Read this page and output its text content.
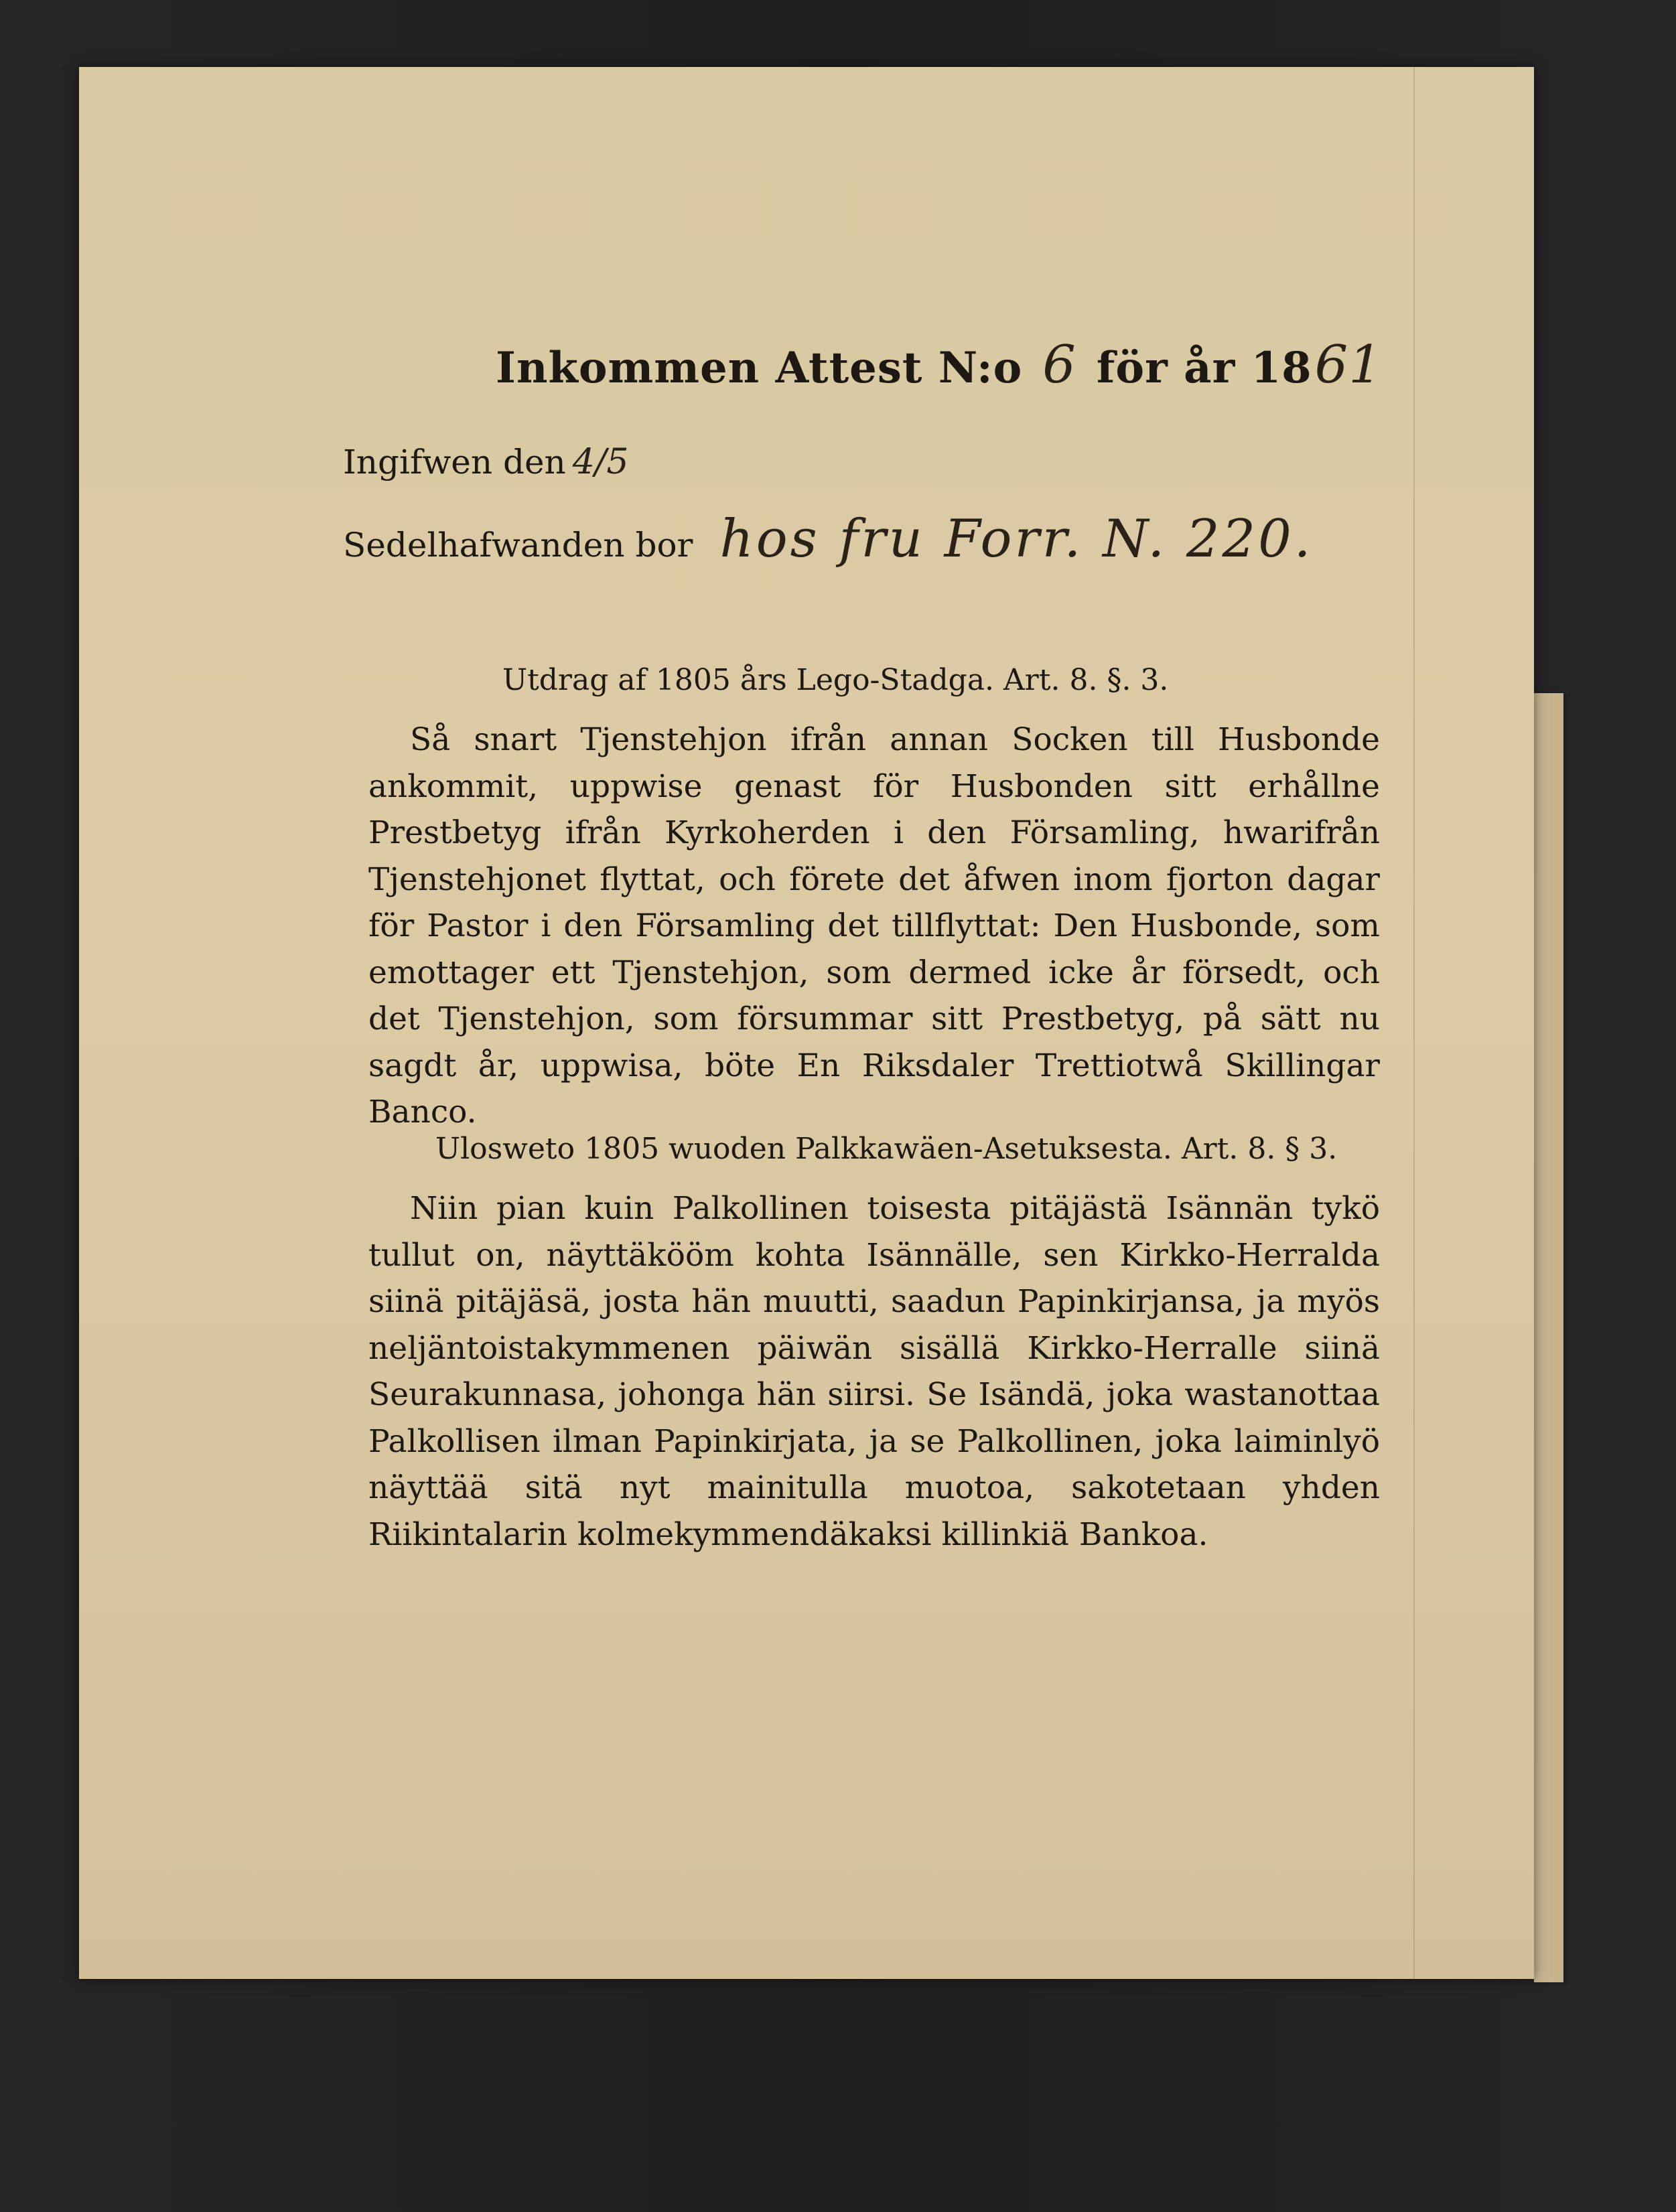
Inkommen Attest N:o 6 för år 1861
Ingifwen den 4/5
Sedelhafwanden bor hos fru Forr. N. 220.
Utdrag af 1805 års Lego-Stadga. Art. 8. §. 3.
Så snart Tjenstehjon ifrån annan Socken till Husbonde ankommit, uppwise genast för Husbonden sitt erhållne Prestbetyg ifrån Kyrkoherden i den Församling, hwarifrån Tjenstehjonet flyttat, och förete det åfwen inom fjorton dagar för Pastor i den Församling det tillflyttat: Den Husbonde, som emottager ett Tjenstehjon, som dermed icke år försedt, och det Tjenstehjon, som försummar sitt Prestbetyg, på sätt nu sagdt år, uppwisa, böte En Riksdaler Trettiotwå Skillingar Banco.
Ulosweto 1805 wuoden Palkkawäen-Asetuksesta. Art. 8. § 3.
Niin pian kuin Palkollinen toisesta pitäjästä Isännän tykö tullut on, näyttäkööm kohta Isännälle, sen Kirkko-Herralda siinä pitäjäsä, josta hän muutti, saadun Papinkirjansa, ja myös neljäntoistakymmenen päiwän sisällä Kirkko-Herralle siinä Seurakunnasa, johonga hän siirsi. Se Isändä, joka wastanottaa Palkollisen ilman Papinkirjata, ja se Palkollinen, joka laiminlyö näyttää sitä nyt mainitulla muotoa, sakotetaan yhden Riikintalarin kolmekymmendäkaksi killinkiä Bankoa.
